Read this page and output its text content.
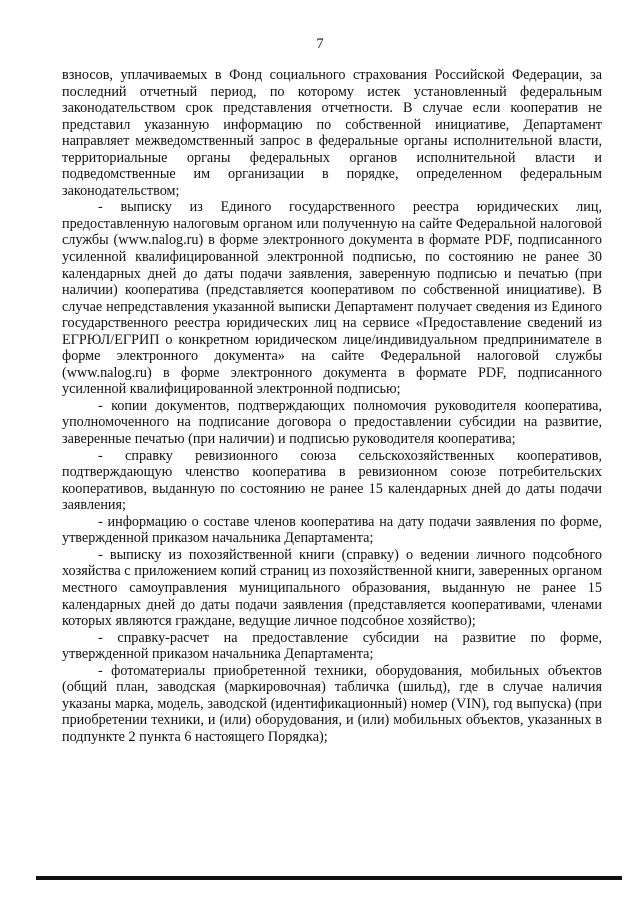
7

взносов, уплачиваемых в Фонд социального страхования Российской Федерации, за последний отчетный период, по которому истек установленный федеральным законодательством срок представления отчетности. В случае если кооператив не представил указанную информацию по собственной инициативе, Департамент направляет межведомственный запрос в федеральные органы исполнительной власти, территориальные органы федеральных органов исполнительной власти и подведомственные им организации в порядке, определенном федеральным законодательством;

- выписку из Единого государственного реестра юридических лиц, предоставленную налоговым органом или полученную на сайте Федеральной налоговой службы (www.nalog.ru) в форме электронного документа в формате PDF, подписанного усиленной квалифицированной электронной подписью, по состоянию не ранее 30 календарных дней до даты подачи заявления, заверенную подписью и печатью (при наличии) кооператива (представляется кооперативом по собственной инициативе). В случае непредставления указанной выписки Департамент получает сведения из Единого государственного реестра юридических лиц на сервисе «Предоставление сведений из ЕГРЮЛ/ЕГРИП о конкретном юридическом лице/индивидуальном предпринимателе в форме электронного документа» на сайте Федеральной налоговой службы (www.nalog.ru) в форме электронного документа в формате PDF, подписанного усиленной квалифицированной электронной подписью;

- копии документов, подтверждающих полномочия руководителя кооператива, уполномоченного на подписание договора о предоставлении субсидии на развитие, заверенные печатью (при наличии) и подписью руководителя кооператива;

- справку ревизионного союза сельскохозяйственных кооперативов, подтверждающую членство кооператива в ревизионном союзе потребительских кооперативов, выданную по состоянию не ранее 15 календарных дней до даты подачи заявления;

- информацию о составе членов кооператива на дату подачи заявления по форме, утвержденной приказом начальника Департамента;

- выписку из похозяйственной книги (справку) о ведении личного подсобного хозяйства с приложением копий страниц из похозяйственной книги, заверенных органом местного самоуправления муниципального образования, выданную не ранее 15 календарных дней до даты подачи заявления (представляется кооперативами, членами которых являются граждане, ведущие личное подсобное хозяйство);

- справку-расчет на предоставление субсидии на развитие по форме, утвержденной приказом начальника Департамента;

- фотоматериалы приобретенной техники, оборудования, мобильных объектов (общий план, заводская (маркировочная) табличка (шильд), где в случае наличия указаны марка, модель, заводской (идентификационный) номер (VIN), год выпуска) (при приобретении техники, и (или) оборудования, и (или) мобильных объектов, указанных в подпункте 2 пункта 6 настоящего Порядка);
